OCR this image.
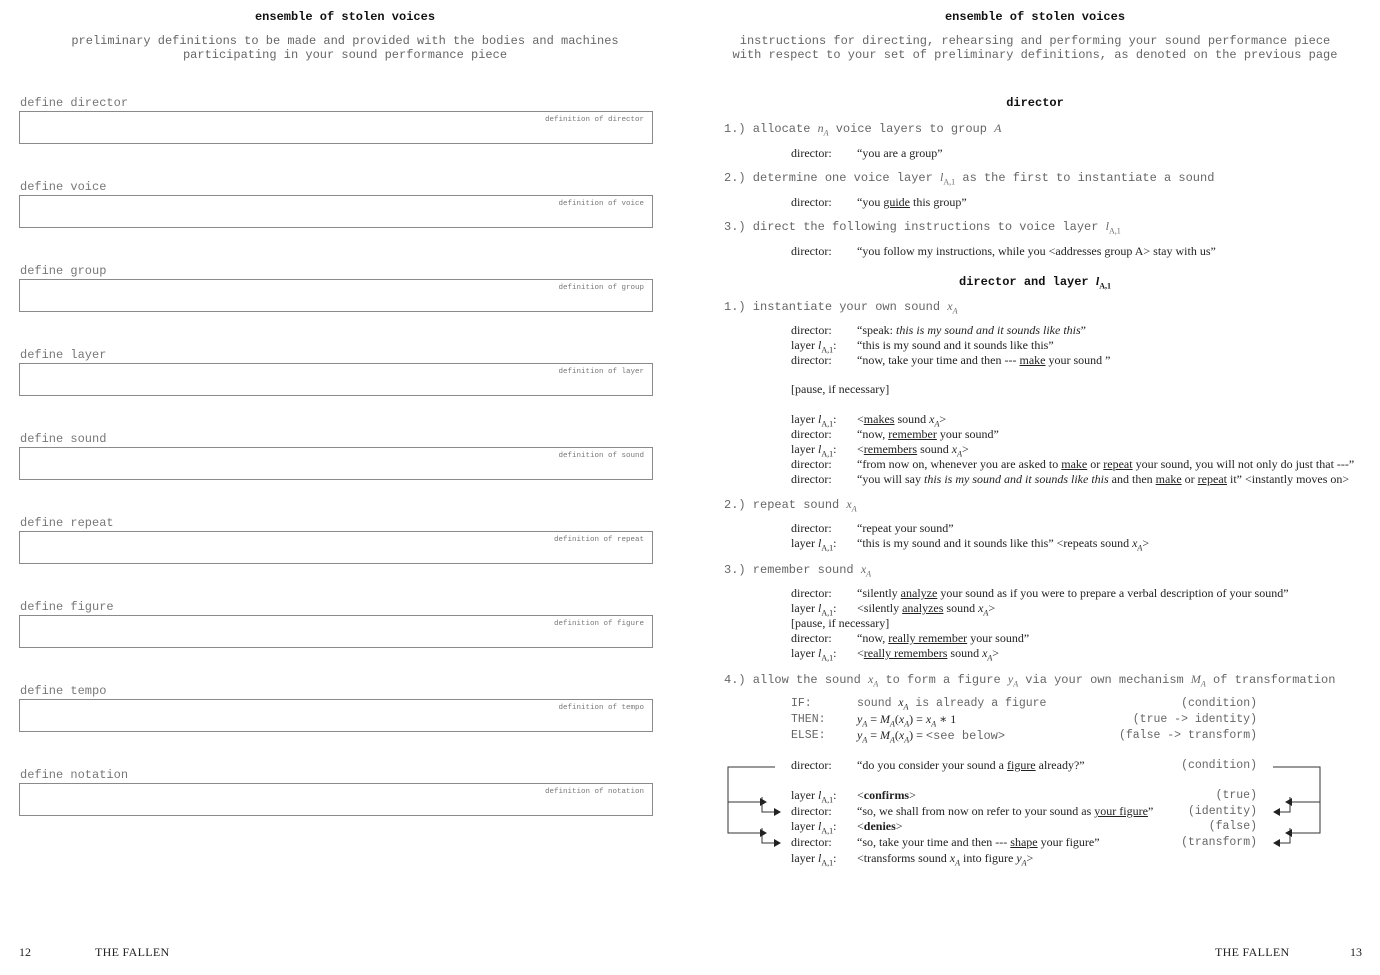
ensemble of stolen voices
preliminary definitions to be made and provided with the bodies and machines
participating in your sound performance piece
define director
definition of director
define voice
definition of voice
define group
definition of group
define layer
definition of layer
define sound
definition of sound
define repeat
definition of repeat
define figure
definition of figure
define tempo
definition of tempo
define notation
definition of notation
12	THE FALLEN
ensemble of stolen voices
instructions for directing, rehearsing and performing your sound performance piece
with respect to your set of preliminary definitions, as denoted on the previous page
director
1.) allocate $n_A$ voice layers to group A
director: “you are a group”
2.) determine one voice layer $l_{A,1}$ as the first to instantiate a sound
director: “you guide this group”
3.) direct the following instructions to voice layer $l_{A,1}$
director: “you follow my instructions, while you <addresses group A> stay with us”
director and layer $l_{A,1}$
1.) instantiate your own sound $x_A$
director: “speak: this is my sound and it sounds like this”
layer $l_{A,1}$: “this is my sound and it sounds like this”
director: “now, take your time and then --- make your sound ”
[pause, if necessary]
layer $l_{A,1}$: <makes sound $x_A>$
director: “now, remember your sound”
layer $l_{A,1}$: <remembers sound $x_A>$
director: “from now on, whenever you are asked to make or repeat your sound, you will not only do just that ---”
director: “you will say this is my sound and it sounds like this and then make or repeat it” <instantly moves on>
2.) repeat sound $x_A$
director: “repeat your sound”
layer $l_{A,1}$: “this is my sound and it sounds like this” <repeats sound $x_A>$
3.) remember sound $x_A$
director: “silently analyze your sound as if you were to prepare a verbal description of your sound”
layer $l_{A,1}$: <silently analyzes sound $x_A>$
[pause, if necessary]
director: “now, really remember your sound”
layer $l_{A,1}$: <really remembers sound $x_A>$
4.) allow the sound $x_A$ to form a figure $y_A$ via your own mechanism $M_A$ of transformation
IF:	sound $x_A$ is already a figure	(condition)
THEN:	$y_A = M_A(x_A) = x_A$ ∗ 1	(true -> identity)
ELSE:	$y_A = M_A(x_A) = <see$ below>	(false -> transform)
director: “do you consider your sound a figure already?”	(condition)
layer $l_{A,1}$: <confirms>	(true)
director: “so, we shall from now on refer to your sound as your figure”	(identity)
layer $l_{A,1}$: <denies>	(false)
director: “so, take your time and then --- shape your figure”	(transform)
layer $l_{A,1}$: <transforms sound $x_A$ into figure $y_A>$
THE FALLEN	13
